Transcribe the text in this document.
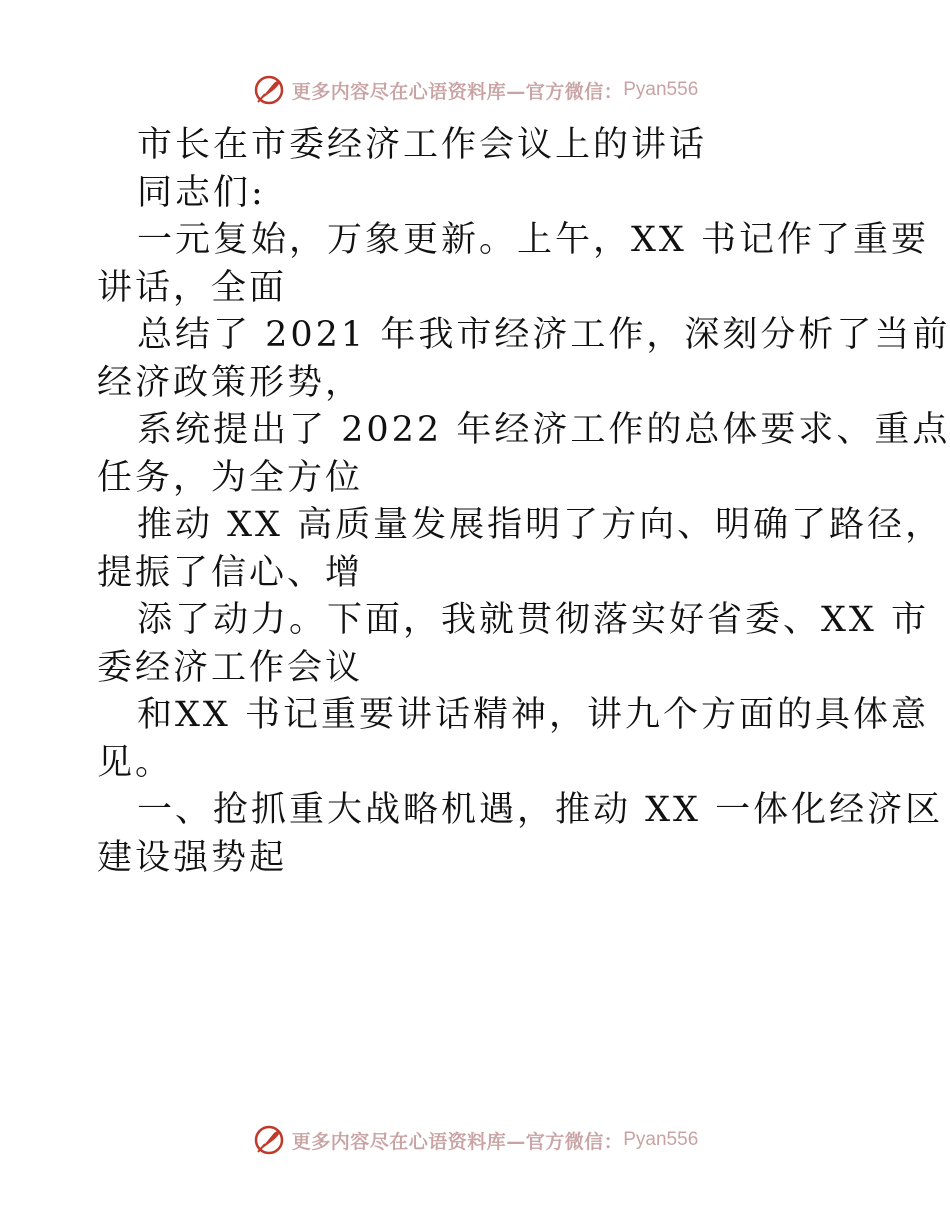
更多内容尽在心语资料库—官方微信： Pyan556

市长在市委经济工作会议上的讲话

同志们:

一元复始，万象更新。上午，XX 书记作了重要

讲话，全面

总结了 2021 年我市经济工作，深刻分析了当前

经济政策形势，

系统提出了 2022 年经济工作的总体要求、重点

任务，为全方位

推动 XX 高质量发展指明了方向、明确了路径，

提振了信心、增

添了动力。下面，我就贯彻落实好省委、XX 市

委经济工作会议

和XX 书记重要讲话精神，讲九个方面的具体意

见。

一、抢抓重大战略机遇，推动 XX 一体化经济区

建设强势起

更多内容尽在心语资料库—官方微信： Pyan556
